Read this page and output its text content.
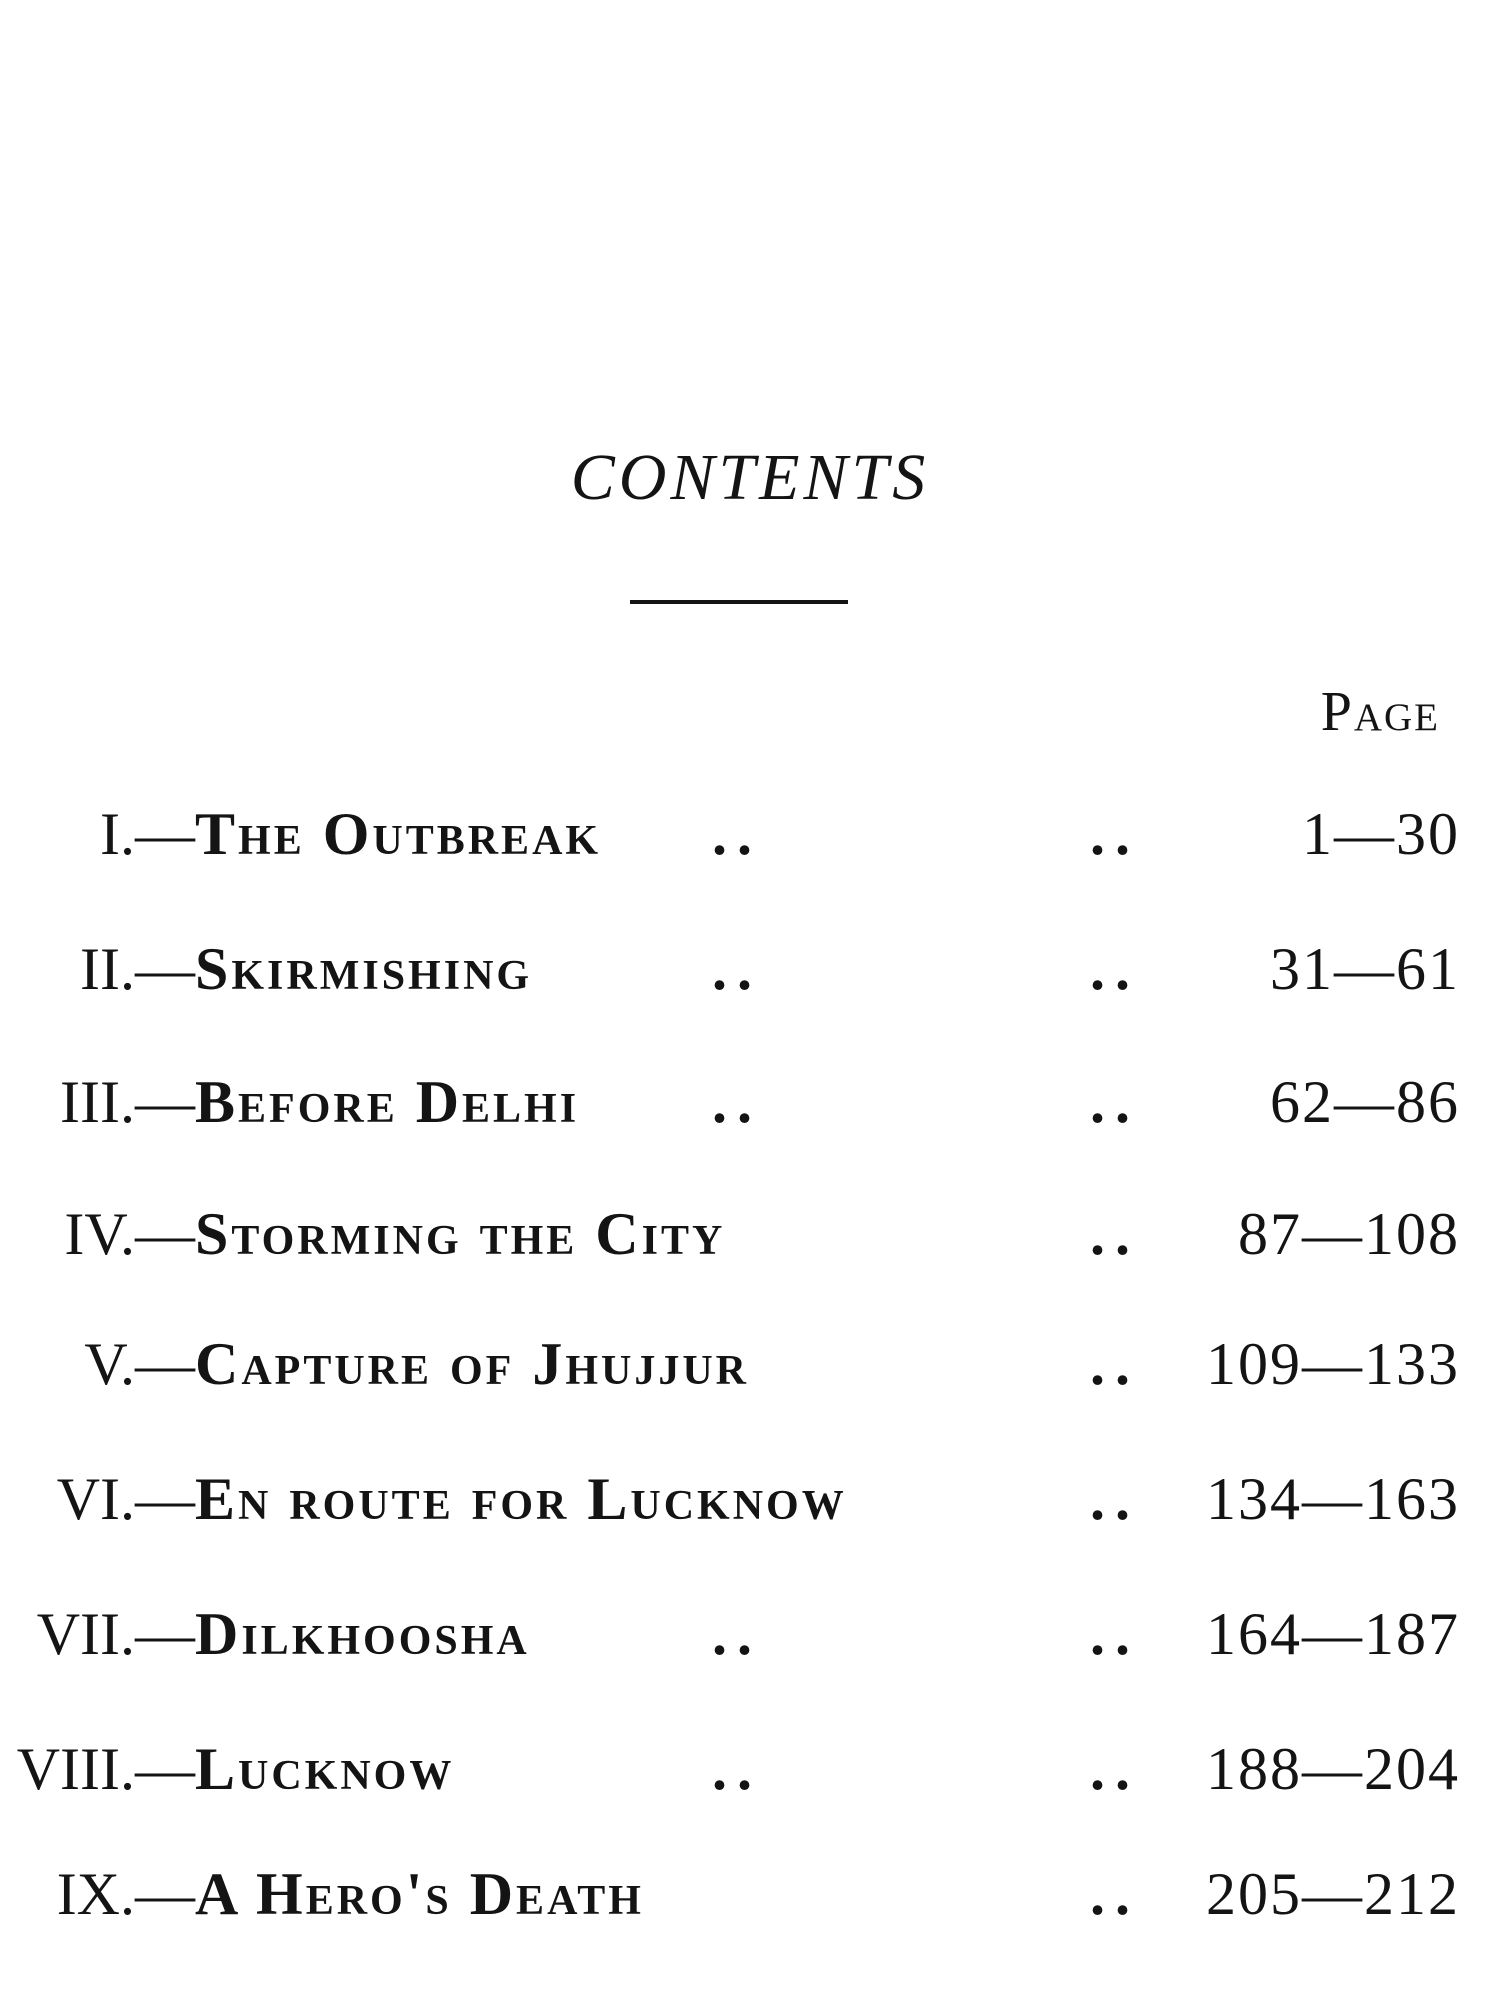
CONTENTS
Page
I.— The Outbreak ..	..	1—30
II.— Skirmishing	..	.. 31—61
III.— Before Delhi ..	.. 62—86
IV.— Storming the City	.. 87—108
V.— Capture of Jhujjur	.. 109—133
VI.— En route for Lucknow	.. 134—163
VII.— Dilkhoosha	..	.. 164—187
VIII.— Lucknow	..	.. 188—204
IX.— A Hero's Death	.. 205—212
